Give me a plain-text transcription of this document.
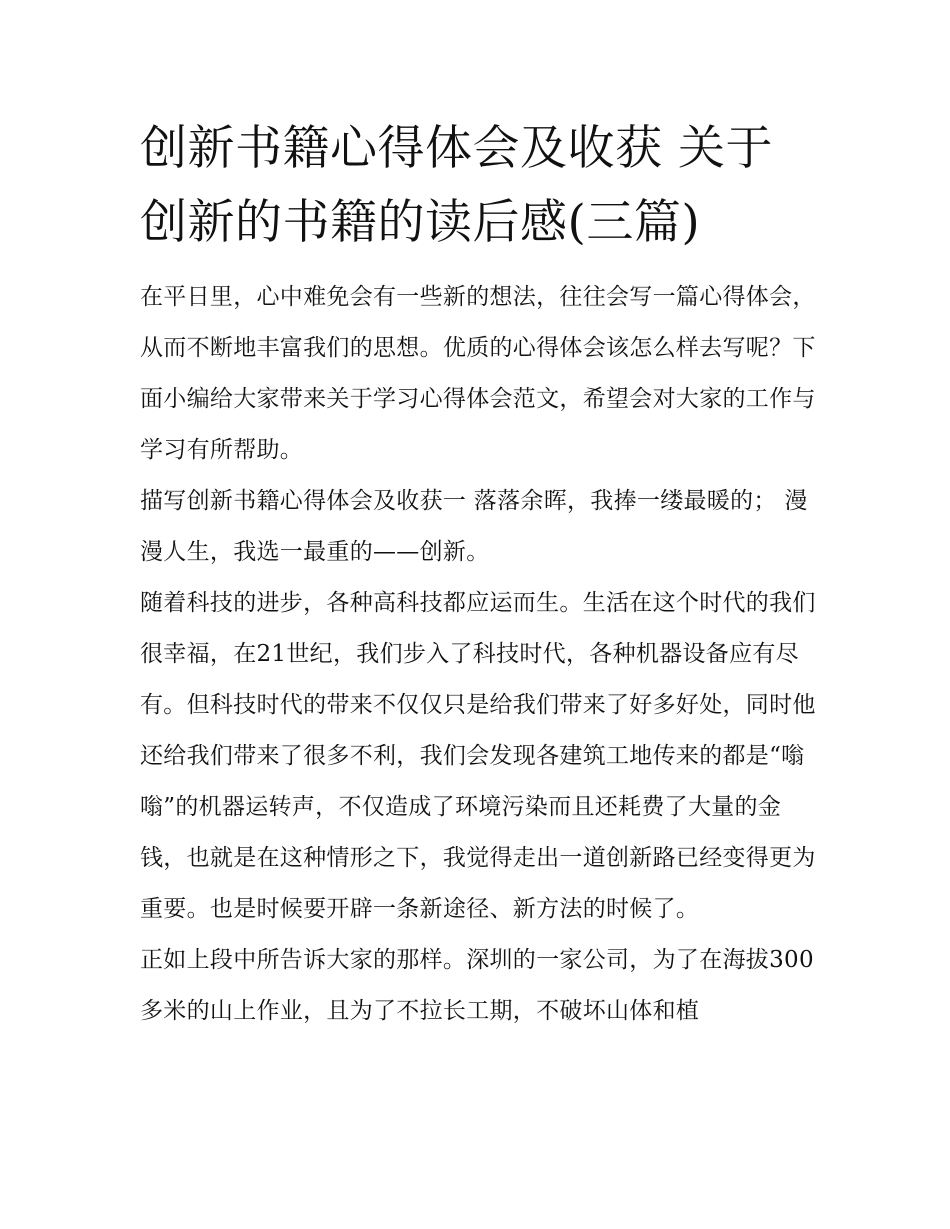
创新书籍心得体会及收获 关于创新的书籍的读后感(三篇)

在平日里，心中难免会有一些新的想法，往往会写一篇心得体会，从而不断地丰富我们的思想。优质的心得体会该怎么样去写呢？下面小编给大家带来关于学习心得体会范文，希望会对大家的工作与学习有所帮助。

描写创新书籍心得体会及收获一 落落余晖，我捧一缕最暖的； 漫漫人生，我选一最重的——创新。

随着科技的进步，各种高科技都应运而生。生活在这个时代的我们很幸福，在21世纪，我们步入了科技时代，各种机器设备应有尽有。但科技时代的带来不仅仅只是给我们带来了好多好处，同时他还给我们带来了很多不利，我们会发现各建筑工地传来的都是“嗡嗡”的机器运转声，不仅造成了环境污染而且还耗费了大量的金钱，也就是在这种情形之下，我觉得走出一道创新路已经变得更为重要。也是时候要开辟一条新途径、新方法的时候了。

正如上段中所告诉大家的那样。深圳的一家公司，为了在海拔300多米的山上作业，且为了不拉长工期，不破坏山体和植
